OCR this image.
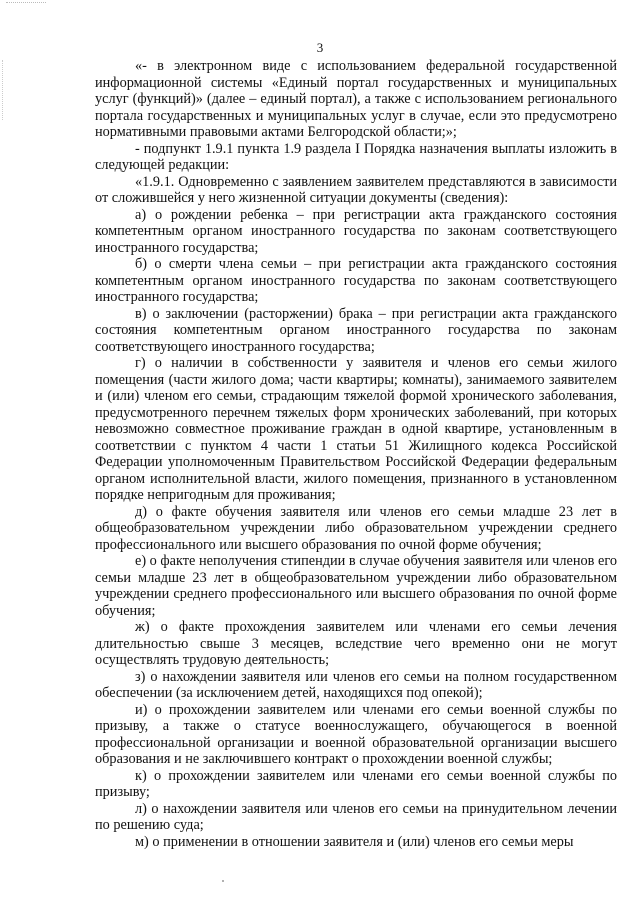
3

«- в электронном виде с использованием федеральной государственной информационной системы «Единый портал государственных и муниципальных услуг (функций)» (далее – единый портал), а также с использованием регионального портала государственных и муниципальных услуг в случае, если это предусмотрено нормативными правовыми актами Белгородской области;»;

- подпункт 1.9.1 пункта 1.9 раздела I Порядка назначения выплаты изложить в следующей редакции:

«1.9.1. Одновременно с заявлением заявителем представляются в зависимости от сложившейся у него жизненной ситуации документы (сведения):

а) о рождении ребенка – при регистрации акта гражданского состояния компетентным органом иностранного государства по законам соответствующего иностранного государства;

б) о смерти члена семьи – при регистрации акта гражданского состояния компетентным органом иностранного государства по законам соответствующего иностранного государства;

в) о заключении (расторжении) брака – при регистрации акта гражданского состояния компетентным органом иностранного государства по законам соответствующего иностранного государства;

г) о наличии в собственности у заявителя и членов его семьи жилого помещения (части жилого дома; части квартиры; комнаты), занимаемого заявителем и (или) членом его семьи, страдающим тяжелой формой хронического заболевания, предусмотренного перечнем тяжелых форм хронических заболеваний, при которых невозможно совместное проживание граждан в одной квартире, установленным в соответствии с пунктом 4 части 1 статьи 51 Жилищного кодекса Российской Федерации уполномоченным Правительством Российской Федерации федеральным органом исполнительной власти, жилого помещения, признанного в установленном порядке непригодным для проживания;

д) о факте обучения заявителя или членов его семьи младше 23 лет в общеобразовательном учреждении либо образовательном учреждении среднего профессионального или высшего образования по очной форме обучения;

е) о факте неполучения стипендии в случае обучения заявителя или членов его семьи младше 23 лет в общеобразовательном учреждении либо образовательном учреждении среднего профессионального или высшего образования по очной форме обучения;

ж) о факте прохождения заявителем или членами его семьи лечения длительностью свыше 3 месяцев, вследствие чего временно они не могут осуществлять трудовую деятельность;

з) о нахождении заявителя или членов его семьи на полном государственном обеспечении (за исключением детей, находящихся под опекой);

и) о прохождении заявителем или членами его семьи военной службы по призыву, а также о статусе военнослужащего, обучающегося в военной профессиональной организации и военной образовательной организации высшего образования и не заключившего контракт о прохождении военной службы;

к) о прохождении заявителем или членами его семьи военной службы по призыву;

л) о нахождении заявителя или членов его семьи на принудительном лечении по решению суда;

м) о применении в отношении заявителя и (или) членов его семьи меры
